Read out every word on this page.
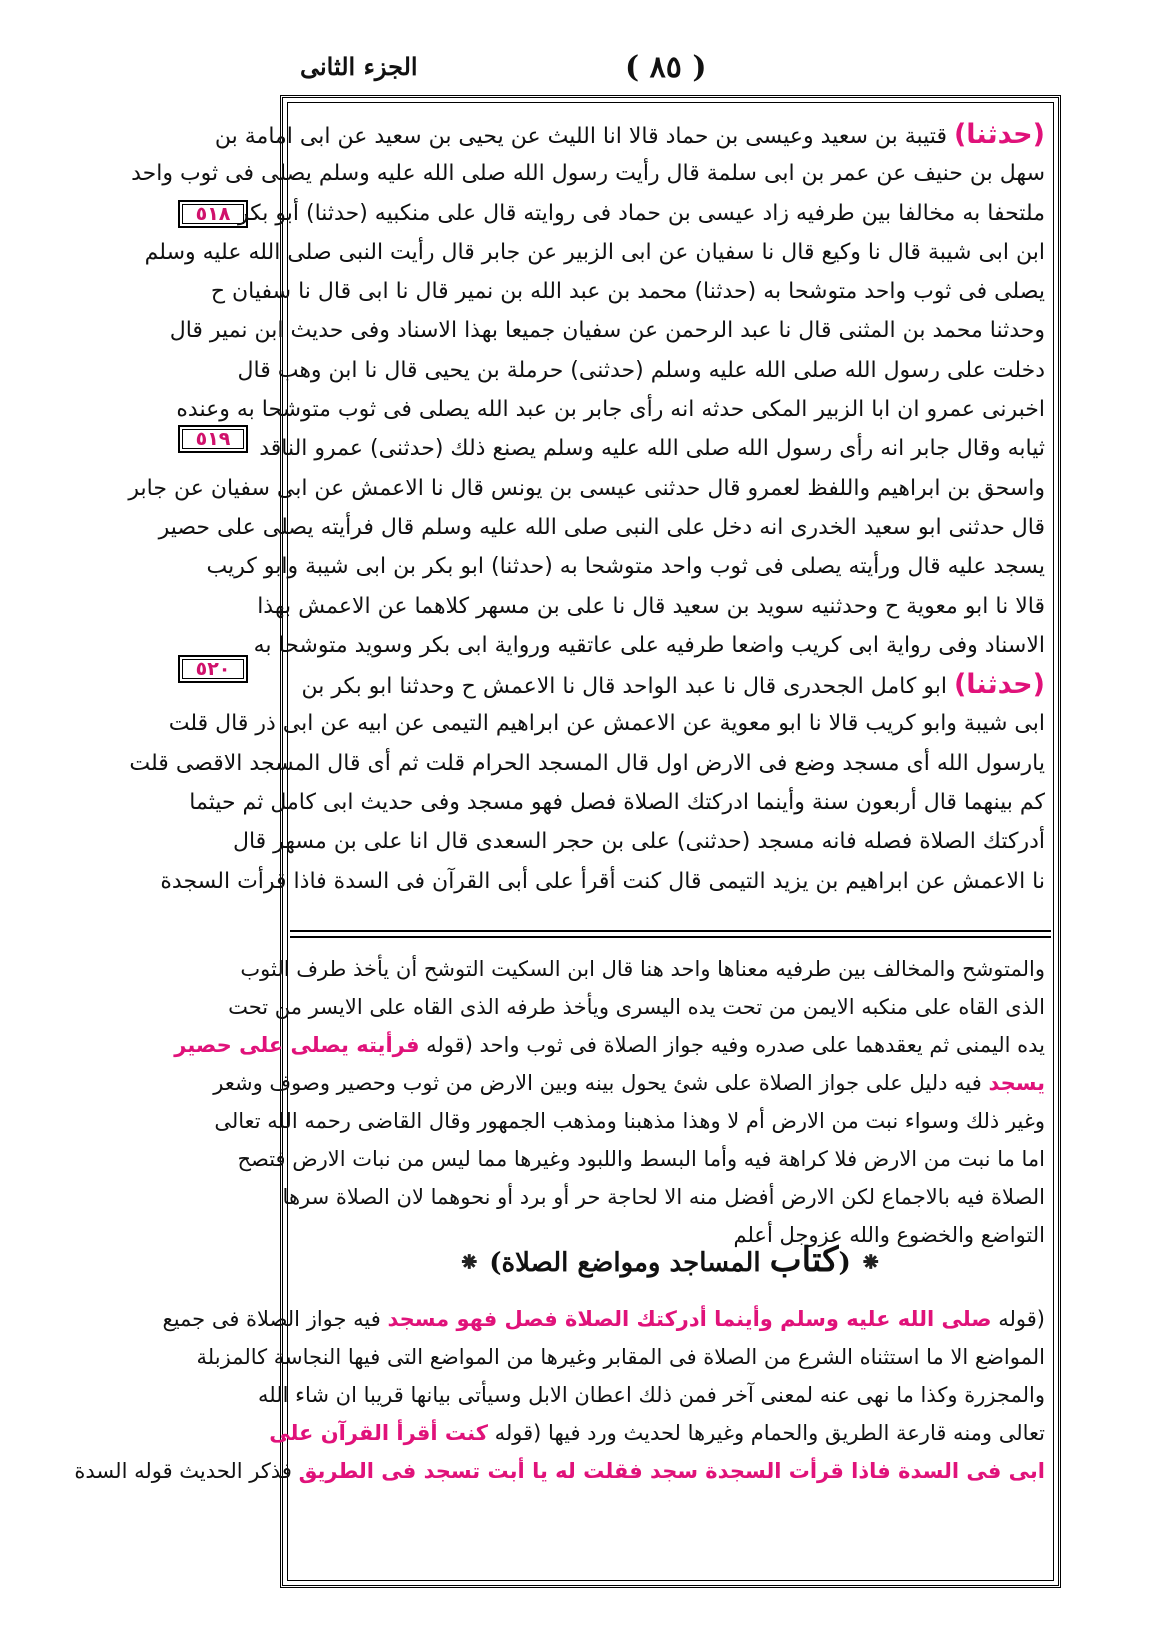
( ٨٥ )
الجزء الثانى
٥١٨
٥١٩
٥٢٠
(حدثنا) قتيبة بن سعيد وعيسى بن حماد قالا انا الليث عن يحيى بن سعيد عن ابى امامة بن
سهل بن حنيف عن عمر بن ابى سلمة قال رأيت رسول الله صلى الله عليه وسلم يصلى فى ثوب واحد
ملتحفا به مخالفا بين طرفيه زاد عيسى بن حماد فى روايته قال على منكبيه (حدثنا) أبو بكر
ابن ابى شيبة قال نا وكيع قال نا سفيان عن ابى الزبير عن جابر قال رأيت النبى صلى الله عليه وسلم
يصلى فى ثوب واحد متوشحا به (حدثنا) محمد بن عبد الله بن نمير قال نا ابى قال نا سفيان ح
وحدثنا محمد بن المثنى قال نا عبد الرحمن عن سفيان جميعا بهذا الاسناد وفى حديث ابن نمير قال
دخلت على رسول الله صلى الله عليه وسلم (حدثنى) حرملة بن يحيى قال نا ابن وهب قال
اخبرنى عمرو ان ابا الزبير المكى حدثه انه رأى جابر بن عبد الله يصلى فى ثوب متوشحا به وعنده
ثيابه وقال جابر انه رأى رسول الله صلى الله عليه وسلم يصنع ذلك (حدثنى) عمرو الناقد
واسحق بن ابراهيم واللفظ لعمرو قال حدثنى عيسى بن يونس قال نا الاعمش عن ابى سفيان عن جابر
قال حدثنى ابو سعيد الخدرى انه دخل على النبى صلى الله عليه وسلم قال فرأيته يصلى على حصير
يسجد عليه قال ورأيته يصلى فى ثوب واحد متوشحا به (حدثنا) ابو بكر بن ابى شيبة وابو كريب
قالا نا ابو معوية ح وحدثنيه سويد بن سعيد قال نا على بن مسهر كلاهما عن الاعمش بهذا
الاسناد وفى رواية ابى كريب واضعا طرفيه على عاتقيه ورواية ابى بكر وسويد متوشحا به
(حدثنا) ابو كامل الجحدرى قال نا عبد الواحد قال نا الاعمش ح وحدثنا ابو بكر بن
ابى شيبة وابو كريب قالا نا ابو معوية عن الاعمش عن ابراهيم التيمى عن ابيه عن ابى ذر قال قلت
يارسول الله أى مسجد وضع فى الارض اول قال المسجد الحرام قلت ثم أى قال المسجد الاقصى قلت
كم بينهما قال أربعون سنة وأينما ادركتك الصلاة فصل فهو مسجد وفى حديث ابى كامل ثم حيثما
أدركتك الصلاة فصله فانه مسجد (حدثنى) على بن حجر السعدى قال انا على بن مسهر قال
نا الاعمش عن ابراهيم بن يزيد التيمى قال كنت أقرأ على أبى القرآن فى السدة فاذا قرأت السجدة
والمتوشح والمخالف بين طرفيه معناها واحد هنا قال ابن السكيت التوشح أن يأخذ طرف الثوب
الذى القاه على منكبه الايمن من تحت يده اليسرى ويأخذ طرفه الذى القاه على الايسر من تحت
يده اليمنى ثم يعقدهما على صدره وفيه جواز الصلاة فى ثوب واحد (قوله فرأيته يصلى على حصير
يسجد فيه دليل على جواز الصلاة على شئ يحول بينه وبين الارض من ثوب وحصير وصوف وشعر
وغير ذلك وسواء نبت من الارض أم لا وهذا مذهبنا ومذهب الجمهور وقال القاضى رحمه الله تعالى
اما ما نبت من الارض فلا كراهة فيه وأما البسط واللبود وغيرها مما ليس من نبات الارض فتصح
الصلاة فيه بالاجماع لكن الارض أفضل منه الا لحاجة حر أو برد أو نحوهما لان الصلاة سرها
التواضع والخضوع والله عزوجل أعلم
⁕ (كتاب المساجد ومواضع الصلاة) ⁕
(قوله صلى الله عليه وسلم وأينما أدركتك الصلاة فصل فهو مسجد فيه جواز الصلاة فى جميع
المواضع الا ما استثناه الشرع من الصلاة فى المقابر وغيرها من المواضع التى فيها النجاسة كالمزبلة
والمجزرة وكذا ما نهى عنه لمعنى آخر فمن ذلك اعطان الابل وسيأتى بيانها قريبا ان شاء الله
تعالى ومنه قارعة الطريق والحمام وغيرها لحديث ورد فيها (قوله كنت أقرأ القرآن على
ابى فى السدة فاذا قرأت السجدة سجد فقلت له يا أبت تسجد فى الطريق فذكر الحديث قوله السدة
